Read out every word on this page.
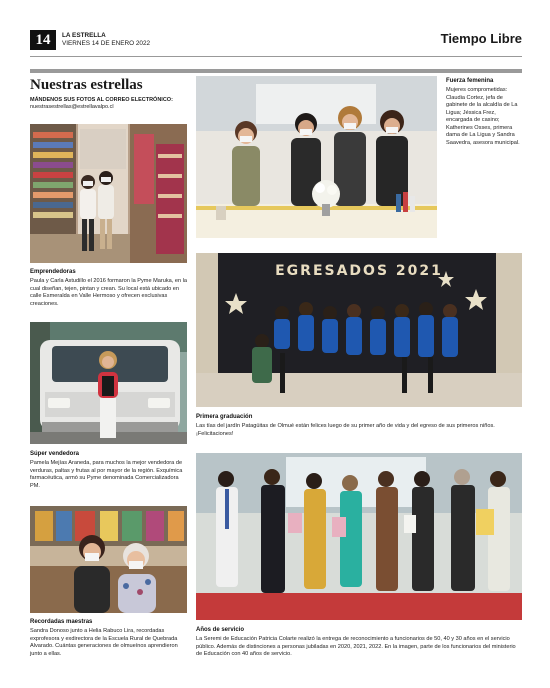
14	LA ESTRELLA
VIERNES 14 DE ENERO 2022	Tiempo Libre
Nuestras estrellas
MÁNDENOS SUS FOTOS AL CORREO ELECTRÓNICO:
nuestrasestrellas@estrellavalpo.cl
Emprendedoras
Paula y Carla Astudillo el 2016 formaron la Pyme Maruka, en la cual diseñan, tejen, pintan y crean. Su local está ubicado en calle Esmeralda en Valle Hermoso y ofrecen exclusivas creaciones.
Súper vendedora
Pamela Mejías Araneda, para muchos la mejor vendedora de verduras, paltas y frutas al por mayor de la región. Exquímica farmacéutica, armó su Pyme denominada Comercializadora PM.
Recordadas maestras
Sandra Donoso junto a Helia Rabuco Lira, recordadas exprofesora y exdirectora de la Escuela Rural de Quebrada Alvarado. Cuántas generaciones de olmueínos aprendieron junto a ellas.
Fuerza femenina
Mujeres comprometidas: Claudia Cortez, jefa de gabinete de la alcaldía de La Ligua; Jéssica Frez, encargada de casino; Katherines Osses, primera dama de La Ligua y Sandra Saavedra, asesora municipal.
EGRESADOS 2021
Primera graduación
Las tías del jardín Patagüitas de Olmué están felices luego de su primer año de vida y del egreso de sus primeros niños. ¡Felicitaciones!
Años de servicio
La Seremi de Educación Patricia Colarte realizó la entrega de reconocimiento a funcionarios de 50, 40 y 30 años en el servicio público. Además de distinciones a personas jubiladas en 2020, 2021, 2022. En la imagen, parte de los funcionarios del ministerio de Educación con 40 años de servicio.
